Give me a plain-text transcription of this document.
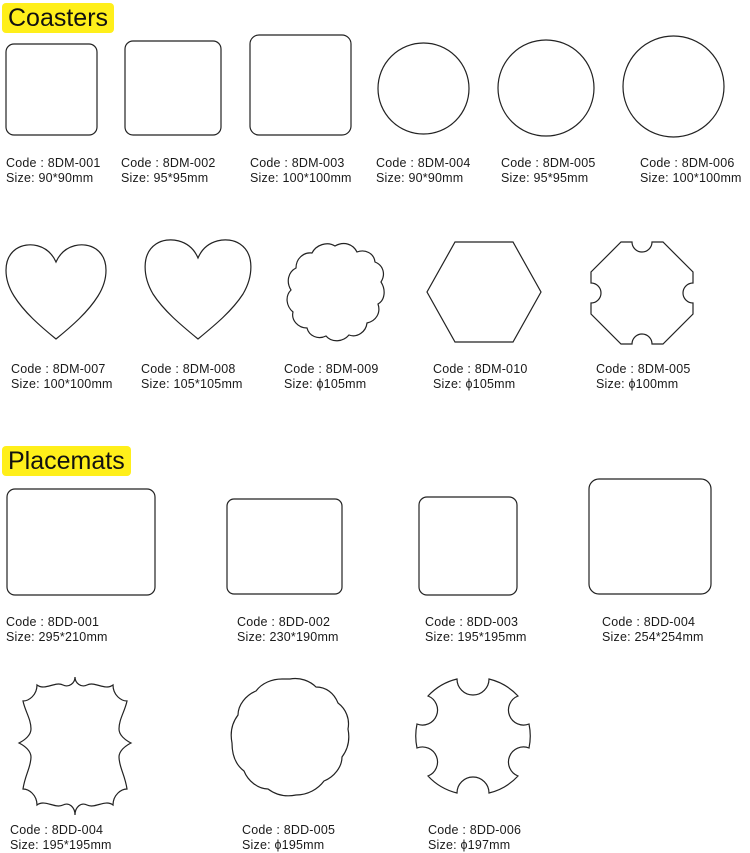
Coasters
Placemats
Code : 8DM-001
Size: 90*90mm
Code : 8DM-002
Size: 95*95mm
Code : 8DM-003
Size: 100*100mm
Code : 8DM-004
Size: 90*90mm
Code : 8DM-005
Size: 95*95mm
Code : 8DM-006
Size: 100*100mm
Code : 8DM-007
Size: 100*100mm
Code : 8DM-008
Size: 105*105mm
Code : 8DM-009
Size: ϕ105mm
Code : 8DM-010
Size: ϕ105mm
Code : 8DM-005
Size: ϕ100mm
Code : 8DD-001
Size: 295*210mm
Code : 8DD-002
Size: 230*190mm
Code : 8DD-003
Size: 195*195mm
Code : 8DD-004
Size: 254*254mm
Code : 8DD-004
Size: 195*195mm
Code : 8DD-005
Size: ϕ195mm
Code : 8DD-006
Size: ϕ197mm
